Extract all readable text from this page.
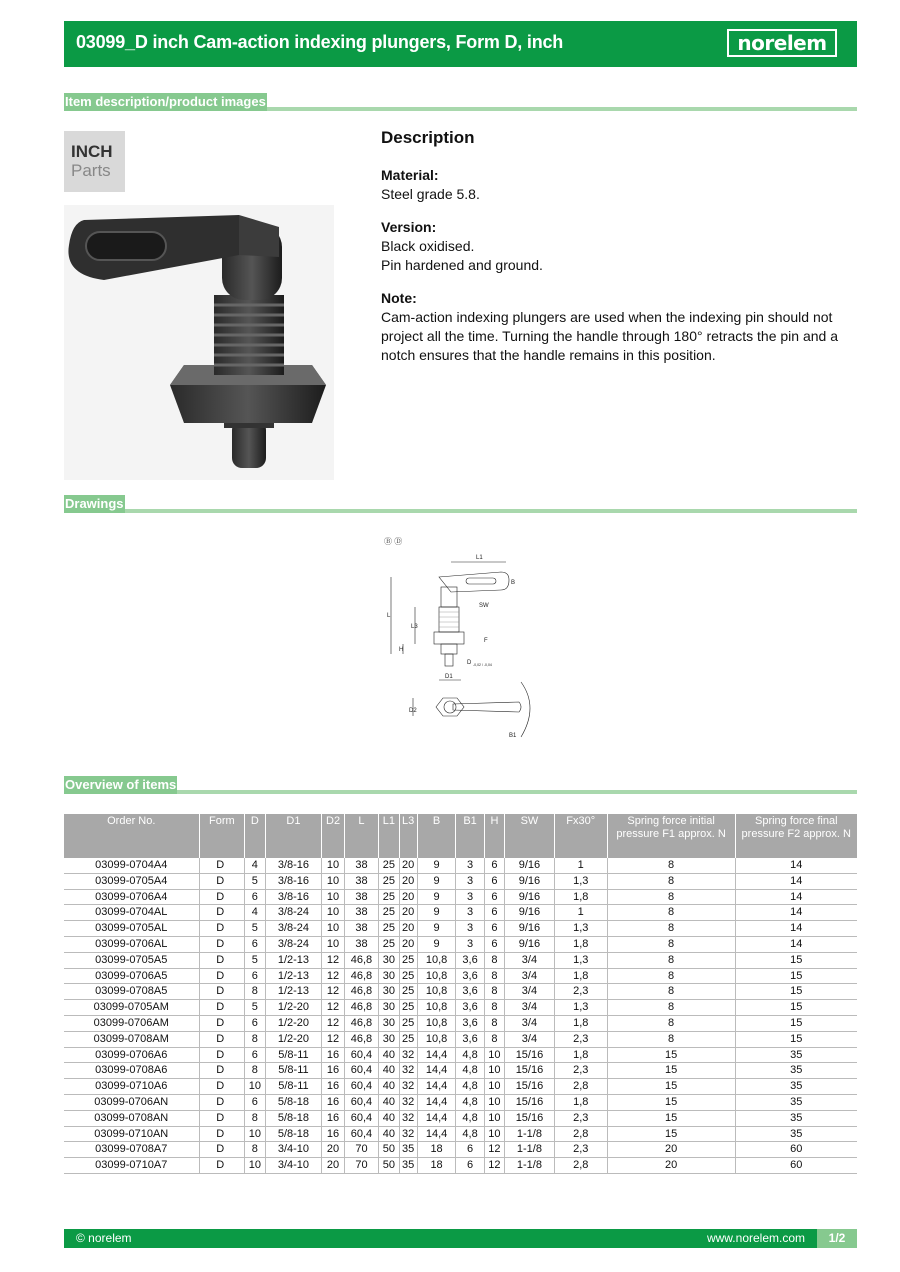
03099_D inch Cam-action indexing plungers, Form D, inch	norelem
Item description/product images
INCH
Parts
Description
Material:

Steel grade 5.8.

Version:

Black oxidised.

Pin hardened and ground.

Note:

Cam-action indexing plungers are used when the indexing pin should not project all the time. Turning the handle through 180° retracts the pin and a notch ensures that the handle remains in this position.

Drawings
Ⓑ Ⓓ
L1
B
SW
L
L3
H
F
D -0,02 / -0,04
D1
D2
B1
Overview of items
Order No.	Form	D	D1	D2	L	L1	L3	B	B1	H	SW	Fx30°	Spring force initial pressure F1 approx. N	Spring force final pressure F2 approx. N
03099-0704A4	D	4	3/8-16	10	38	25	20	9	3	6	9/16	1	8	14
03099-0705A4	D	5	3/8-16	10	38	25	20	9	3	6	9/16	1,3	8	14
03099-0706A4	D	6	3/8-16	10	38	25	20	9	3	6	9/16	1,8	8	14
03099-0704AL	D	4	3/8-24	10	38	25	20	9	3	6	9/16	1	8	14
03099-0705AL	D	5	3/8-24	10	38	25	20	9	3	6	9/16	1,3	8	14
03099-0706AL	D	6	3/8-24	10	38	25	20	9	3	6	9/16	1,8	8	14
03099-0705A5	D	5	1/2-13	12	46,8	30	25	10,8	3,6	8	3/4	1,3	8	15
03099-0706A5	D	6	1/2-13	12	46,8	30	25	10,8	3,6	8	3/4	1,8	8	15
03099-0708A5	D	8	1/2-13	12	46,8	30	25	10,8	3,6	8	3/4	2,3	8	15
03099-0705AM	D	5	1/2-20	12	46,8	30	25	10,8	3,6	8	3/4	1,3	8	15
03099-0706AM	D	6	1/2-20	12	46,8	30	25	10,8	3,6	8	3/4	1,8	8	15
03099-0708AM	D	8	1/2-20	12	46,8	30	25	10,8	3,6	8	3/4	2,3	8	15
03099-0706A6	D	6	5/8-11	16	60,4	40	32	14,4	4,8	10	15/16	1,8	15	35
03099-0708A6	D	8	5/8-11	16	60,4	40	32	14,4	4,8	10	15/16	2,3	15	35
03099-0710A6	D	10	5/8-11	16	60,4	40	32	14,4	4,8	10	15/16	2,8	15	35
03099-0706AN	D	6	5/8-18	16	60,4	40	32	14,4	4,8	10	15/16	1,8	15	35
03099-0708AN	D	8	5/8-18	16	60,4	40	32	14,4	4,8	10	15/16	2,3	15	35
03099-0710AN	D	10	5/8-18	16	60,4	40	32	14,4	4,8	10	1-1/8	2,8	15	35
03099-0708A7	D	8	3/4-10	20	70	50	35	18	6	12	1-1/8	2,3	20	60
03099-0710A7	D	10	3/4-10	20	70	50	35	18	6	12	1-1/8	2,8	20	60
© norelem	www.norelem.com	1/2
